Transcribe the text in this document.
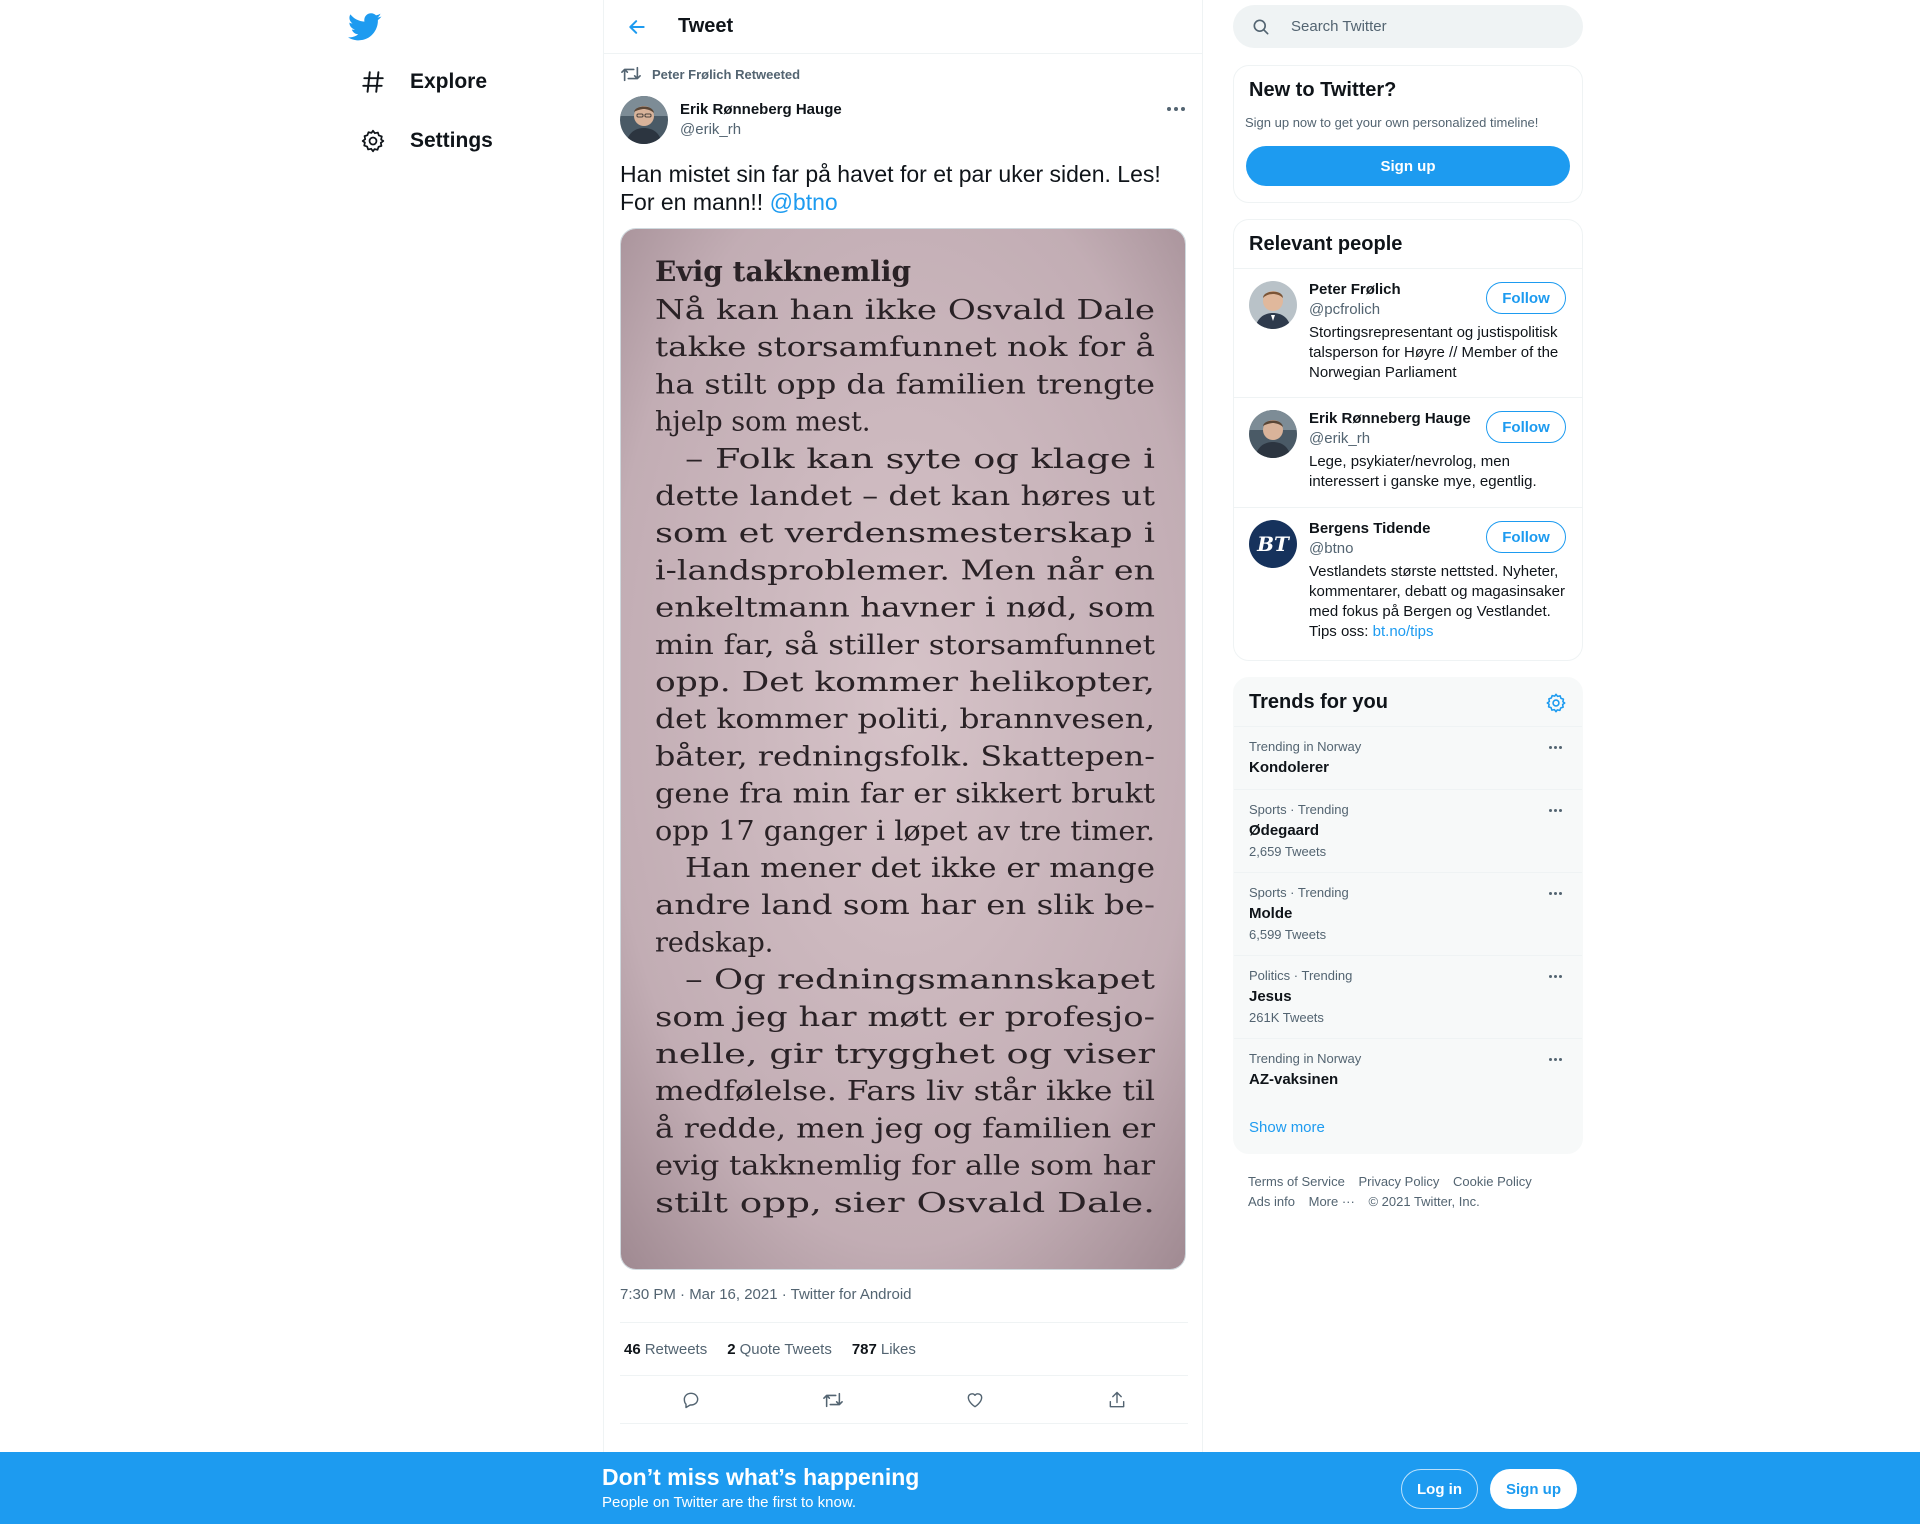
Explore
Settings
Tweet
Peter Frølich Retweeted
Erik Rønneberg Hauge
@erik_rh
Han mistet sin far på havet for et par uker siden. Les!
For en mann!! @btno
Evig takknemlig
Nå kan han ikke Osvald Dale
takke storsamfunnet nok for å
ha stilt opp da familien trengte
hjelp som mest.
– Folk kan syte og klage i
dette landet – det kan høres ut
som et verdensmesterskap i
i-landsproblemer. Men når en
enkeltmann havner i nød, som
min far, så stiller storsamfunnet
opp. Det kommer helikopter,
det kommer politi, brannvesen,
båter, redningsfolk. Skattepen-
gene fra min far er sikkert brukt
opp 17 ganger i løpet av tre timer.
Han mener det ikke er mange
andre land som har en slik be-
redskap.
– Og redningsmannskapet
som jeg har møtt er profesjo-
nelle, gir trygghet og viser
medfølelse. Fars liv står ikke til
å redde, men jeg og familien er
evig takknemlig for alle som har
stilt opp, sier Osvald Dale.
7:30 PM · Mar 16, 2021 · Twitter for Android
46 Retweets 2 Quote Tweets 787 Likes
Search Twitter
New to Twitter?
Sign up now to get your own personalized timeline!
Sign up
Relevant people
Peter Frølich
@pcfrolich
Follow
Stortingsrepresentant og justispolitisk talsperson for Høyre // Member of the Norwegian Parliament
Erik Rønneberg Hauge
@erik_rh
Follow
Lege, psykiater/nevrolog, men interessert i ganske mye, egentlig.
BT
Bergens Tidende
@btno
Follow
Vestlandets største nettsted. Nyheter, kommentarer, debatt og magasinsaker med fokus på Bergen og Vestlandet. Tips oss: bt.no/tips
Trends for you
Trending in Norway
Kondolerer
Sports · Trending
Ødegaard
2,659 Tweets
Sports · Trending
Molde
6,599 Tweets
Politics · Trending
Jesus
261K Tweets
Trending in Norway
AZ-vaksinen
Show more
Terms of Service Privacy Policy Cookie Policy Ads info More ··· © 2021 Twitter, Inc.
Don’t miss what’s happening
People on Twitter are the first to know.
Log in	Sign up
